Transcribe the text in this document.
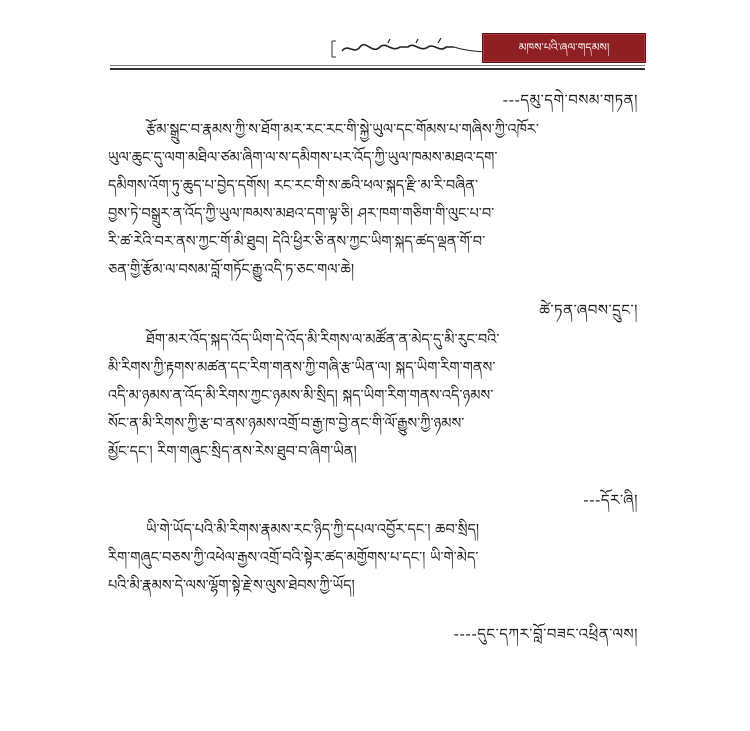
མཁས་པའི་ཞལ་གདམས།
---དམུ་དགེ་བསམ་གཏན།
རྩོམ་སྒྲུང་བ་རྣམས་ཀྱི་ས་ཐོག་མར་རང་རང་གི་སྐྱེ་ཡུལ་དང་གོམས་པ་གཞིས་ཀྱི་འཁོར་
ཡུལ་ཆུང་དུ་ལག་མཐིལ་ཙམ་ཞིག་ལ་ས་དམིགས་པར་འོད་ཀྱི་ཡུལ་ཁམས་མཐའ་དག་
དམིགས་འོག་ཏུ་ཆུད་པ་བྱེད་དགོས། རང་རང་གི་ས་ཆའི་ཕལ་སྐད་རྫི་མ་རི་བཞིན་
བྱས་ཏེ་བསྒྲུར་ན་འོད་ཀྱི་ཡུལ་ཁམས་མཐའ་དག་ལྟ་ཅི། ཤར་ཁག་གཅིག་གི་ལུང་པ་བ་
རི་ཚ་རེའི་བར་ནས་ཀྱང་གོ་མི་ཐུབ། དེའི་ཕྱིར་ཅི་ནས་ཀྱང་ཡིག་སྐད་ཚད་ལྡན་གོ་བ་
ཅན་གྱི་རྩོམ་ལ་བསམ་བློ་གཏོང་རྒྱུ་འདི་ཏ་ཅང་གལ་ཆེ།
ཚེ་ཏན་ཞབས་དྲུང་།
ཐོག་མར་འོད་སྐད་འོད་ཡིག་དེ་འོད་མི་རིགས་ལ་མཚོན་ན་མེད་དུ་མི་རུང་བའི་
མི་རིགས་ཀྱི་རྟགས་མཚན་དང་རིག་གནས་ཀྱི་གཞི་རྩ་ཡིན་ལ། སྐད་ཡིག་རིག་གནས་
འདི་མ་ཉམས་ན་འོད་མི་རིགས་ཀྱང་ཉམས་མི་སྲིད། སྐད་ཡིག་རིག་གནས་འདི་ཉམས་
སོང་ན་མི་རིགས་ཀྱི་རྩ་བ་ནས་ཉམས་འགྲོ་བ་རྒྱ་ཁ་བྱེ་ནང་གི་ལོ་རྒྱུས་ཀྱི་ཉམས་
མྱོང་དང་། རིག་གཞུང་སྲིད་ནས་རེས་ཐུབ་བ་ཞིག་ཡིན།
---དོར་ཞི།
ཡི་གེ་ཡོད་པའི་མི་རིགས་རྣམས་རང་ཉིད་ཀྱི་དཔལ་འབྱོར་དང་། ཆབ་སྲིད།
རིག་གཞུང་བཅས་ཀྱི་འཕེལ་རྒྱས་འགྲོ་བའི་སྟེར་ཚད་མགྱོགས་པ་དང་། ཡི་གེ་མེད་
པའི་མི་རྣམས་དེ་ལས་ལྷོག་སྟེ་རྗེ་ས་ལུས་ཐེབས་ཀྱི་ཡོད།
----དུང་དཀར་བློ་བཟང་འཕྲིན་ལས།
